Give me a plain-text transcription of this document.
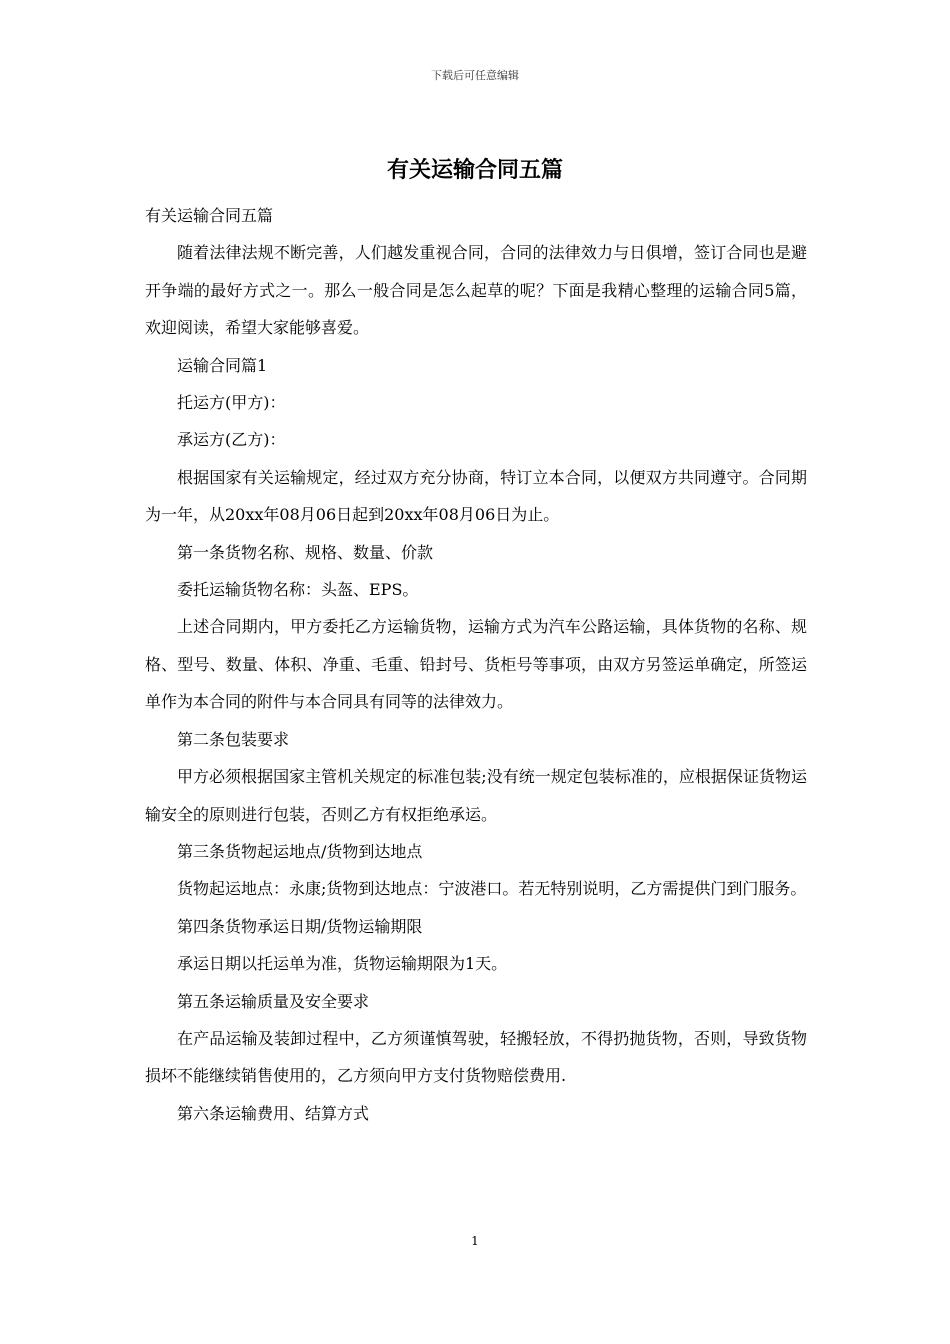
下载后可任意编辑
有关运输合同五篇

有关运输合同五篇

随着法律法规不断完善，人们越发重视合同，合同的法律效力与日俱增，签订合同也是避开争端的最好方式之一。那么一般合同是怎么起草的呢？下面是我精心整理的运输合同5篇，欢迎阅读，希望大家能够喜爱。

运输合同篇1

托运方(甲方)：

承运方(乙方)：

根据国家有关运输规定，经过双方充分协商，特订立本合同，以便双方共同遵守。合同期为一年，从20xx年08月06日起到20xx年08月06日为止。

第一条货物名称、规格、数量、价款

委托运输货物名称：头盔、EPS。

上述合同期内，甲方委托乙方运输货物，运输方式为汽车公路运输，具体货物的名称、规格、型号、数量、体积、净重、毛重、铅封号、货柜号等事项，由双方另签运单确定，所签运单作为本合同的附件与本合同具有同等的法律效力。

第二条包装要求

甲方必须根据国家主管机关规定的标准包装;没有统一规定包装标准的，应根据保证货物运输安全的原则进行包装，否则乙方有权拒绝承运。

第三条货物起运地点/货物到达地点

货物起运地点：永康;货物到达地点：宁波港口。若无特别说明，乙方需提供门到门服务。

第四条货物承运日期/货物运输期限

承运日期以托运单为准，货物运输期限为1天。

第五条运输质量及安全要求

在产品运输及装卸过程中，乙方须谨慎驾驶，轻搬轻放，不得扔抛货物，否则，导致货物损坏不能继续销售使用的，乙方须向甲方支付货物赔偿费用.

第六条运输费用、结算方式

1
